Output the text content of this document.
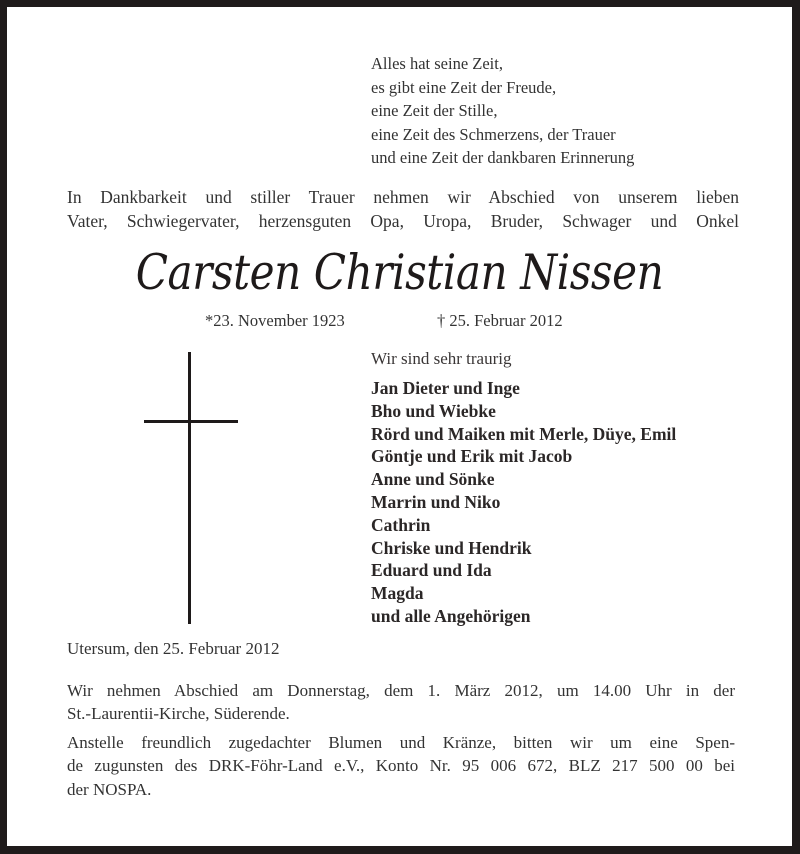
Alles hat seine Zeit,
es gibt eine Zeit der Freude,
eine Zeit der Stille,
eine Zeit des Schmerzens, der Trauer
und eine Zeit der dankbaren Erinnerung
In Dankbarkeit und stiller Trauer nehmen wir Abschied von unserem lieben
Vater, Schwiegervater, herzensguten Opa, Uropa, Bruder, Schwager und Onkel
Carsten Christian Nissen
*23. November 1923	† 25. Februar 2012
Wir sind sehr traurig
Jan Dieter und Inge
Bho und Wiebke
Rörd und Maiken mit Merle, Düye, Emil
Göntje und Erik mit Jacob
Anne und Sönke
Marrin und Niko
Cathrin
Chriske und Hendrik
Eduard und Ida
Magda
und alle Angehörigen
Utersum, den 25. Februar 2012
Wir nehmen Abschied am Donnerstag, dem 1. März 2012, um 14.00 Uhr in der
St.-Laurentii-Kirche, Süderende.
Anstelle freundlich zugedachter Blumen und Kränze, bitten wir um eine Spen-
de zugunsten des DRK-Föhr-Land e.V., Konto Nr. 95 006 672, BLZ 217 500 00 bei
der NOSPA.
